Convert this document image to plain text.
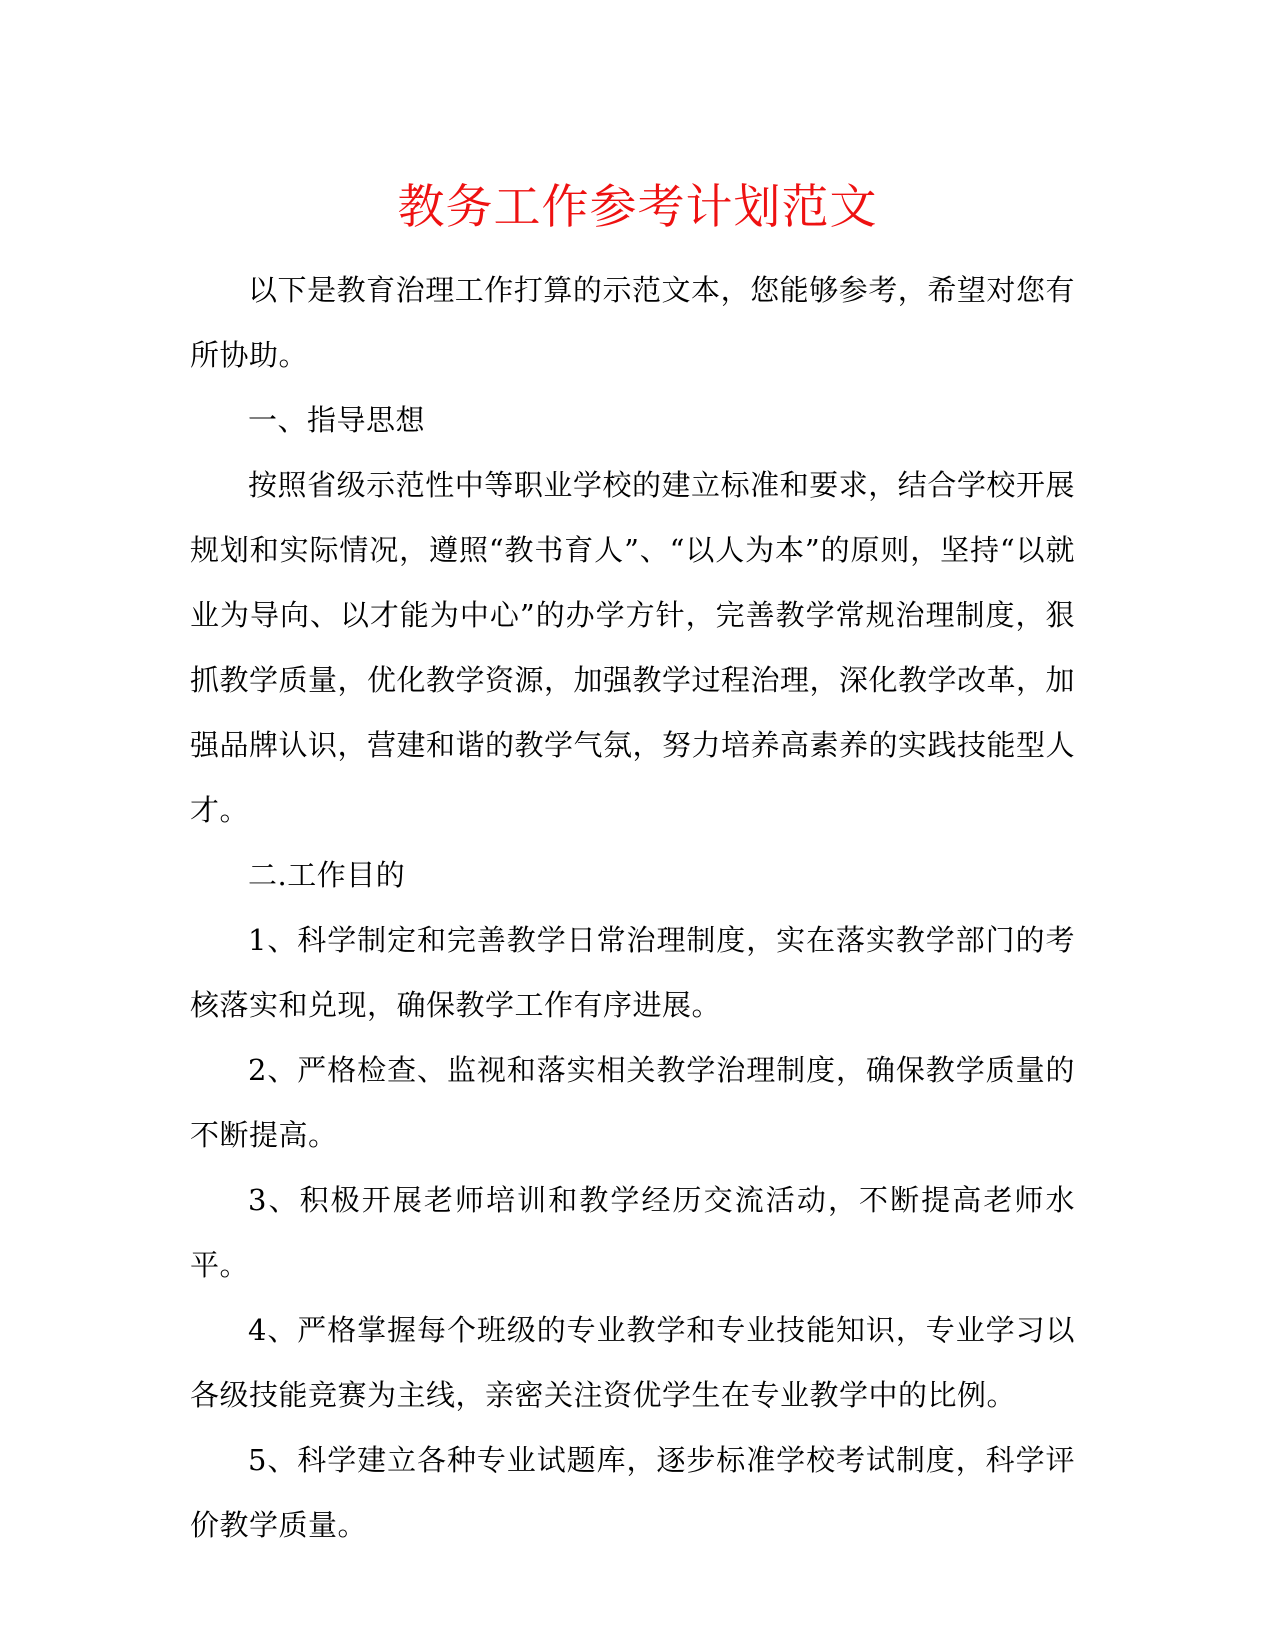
教务工作参考计划范文

以下是教育治理工作打算的示范文本，您能够参考，希望对您有所协助。

一、指导思想

按照省级示范性中等职业学校的建立标准和要求，结合学校开展规划和实际情况，遵照“教书育人”、“以人为本”的原则，坚持“以就业为导向、以才能为中心”的办学方针，完善教学常规治理制度，狠抓教学质量，优化教学资源，加强教学过程治理，深化教学改革，加强品牌认识，营建和谐的教学气氛，努力培养高素养的实践技能型人才。

二.工作目的

1、科学制定和完善教学日常治理制度，实在落实教学部门的考核落实和兑现，确保教学工作有序进展。

2、严格检查、监视和落实相关教学治理制度，确保教学质量的不断提高。

3、积极开展老师培训和教学经历交流活动，不断提高老师水平。

4、严格掌握每个班级的专业教学和专业技能知识，专业学习以各级技能竞赛为主线，亲密关注资优学生在专业教学中的比例。

5、科学建立各种专业试题库，逐步标准学校考试制度，科学评价教学质量。
